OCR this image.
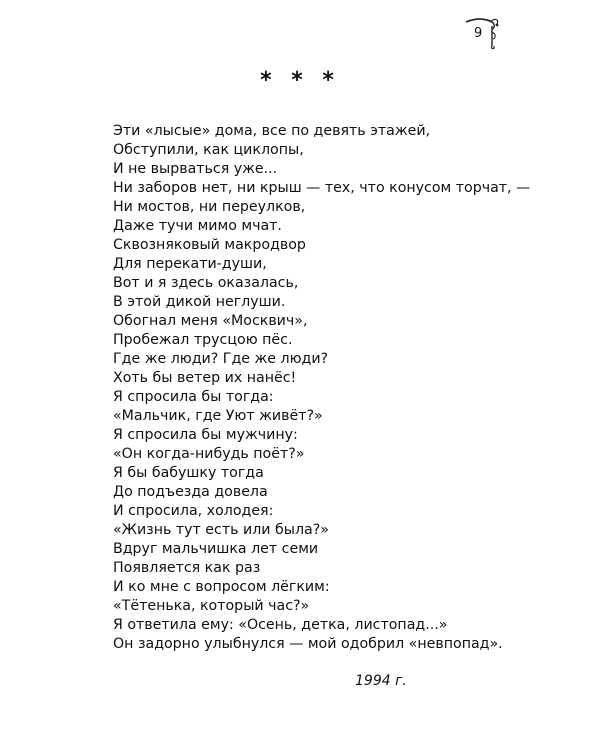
9
* * *
Эти «лысые» дома, все по девять этажей,
Обступили, как циклопы,
И не вырваться уже...
Ни заборов нет, ни крыш — тех, что конусом торчат, —
Ни мостов, ни переулков,
Даже тучи мимо мчат.
Сквозняковый макродвор
Для перекати-души,
Вот и я здесь оказалась,
В этой дикой неглуши.
Обогнал меня «Москвич»,
Пробежал трусцою пёс.
Где же люди? Где же люди?
Хоть бы ветер их нанёс!
Я спросила бы тогда:
«Мальчик, где Уют живёт?»
Я спросила бы мужчину:
«Он когда-нибудь поёт?»
Я бы бабушку тогда
До подъезда довела
И спросила, холодея:
«Жизнь тут есть или была?»
Вдруг мальчишка лет семи
Появляется как раз
И ко мне с вопросом лёгким:
«Тётенька, который час?»
Я ответила ему: «Осень, детка, листопад...»
Он задорно улыбнулся — мой одобрил «невпопад».
1994 г.
